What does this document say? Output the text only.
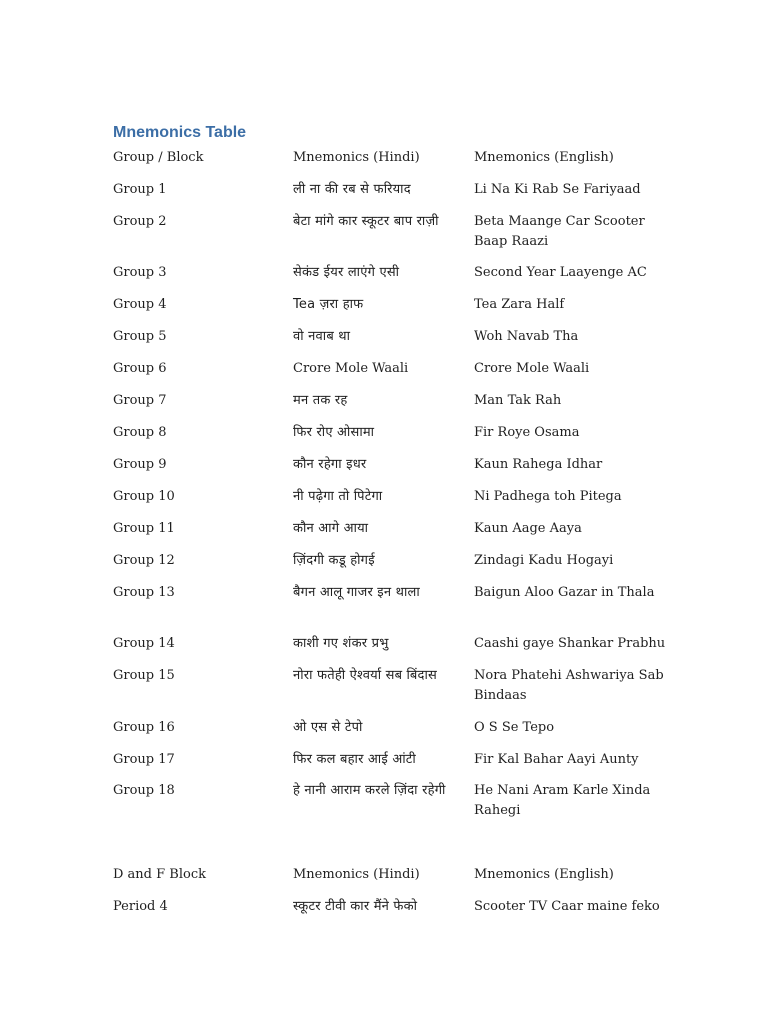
Mnemonics Table
Group / Block	Mnemonics (Hindi)	Mnemonics (English)
Group 1	ली ना की रब से फरियाद	Li Na Ki Rab Se Fariyaad
Group 2	बेटा मांगे कार स्कूटर बाप राज़ी	Beta Maange Car Scooter Baap Raazi
Group 3	सेकंड ईयर लाएंगे एसी	Second Year Laayenge AC
Group 4	Tea ज़रा हाफ	Tea Zara Half
Group 5	वो नवाब था	Woh Navab Tha
Group 6	Crore Mole Waali	Crore Mole Waali
Group 7	मन तक रह	Man Tak Rah
Group 8	फिर रोए ओसामा	Fir Roye Osama
Group 9	कौन रहेगा इधर	Kaun Rahega Idhar
Group 10	नी पढ़ेगा तो पिटेगा	Ni Padhega toh Pitega
Group 11	कौन आगे आया	Kaun Aage Aaya
Group 12	ज़िंदगी कडू होगई	Zindagi Kadu Hogayi
Group 13	बैगन आलू गाजर इन थाला	Baigun Aloo Gazar in Thala
Group 14	काशी गए शंकर प्रभु	Caashi gaye Shankar Prabhu
Group 15	नोरा फतेही ऐश्वर्या सब बिंदास	Nora Phatehi Ashwariya Sab Bindaas
Group 16	ओ एस से टेपो	O S Se Tepo
Group 17	फिर कल बहार आई आंटी	Fir Kal Bahar Aayi Aunty
Group 18	हे नानी आराम करले ज़िंदा रहेगी	He Nani Aram Karle Xinda Rahegi
D and F Block	Mnemonics (Hindi)	Mnemonics (English)
Period 4	स्कूटर टीवी कार मैंने फेको	Scooter TV Caar maine feko
